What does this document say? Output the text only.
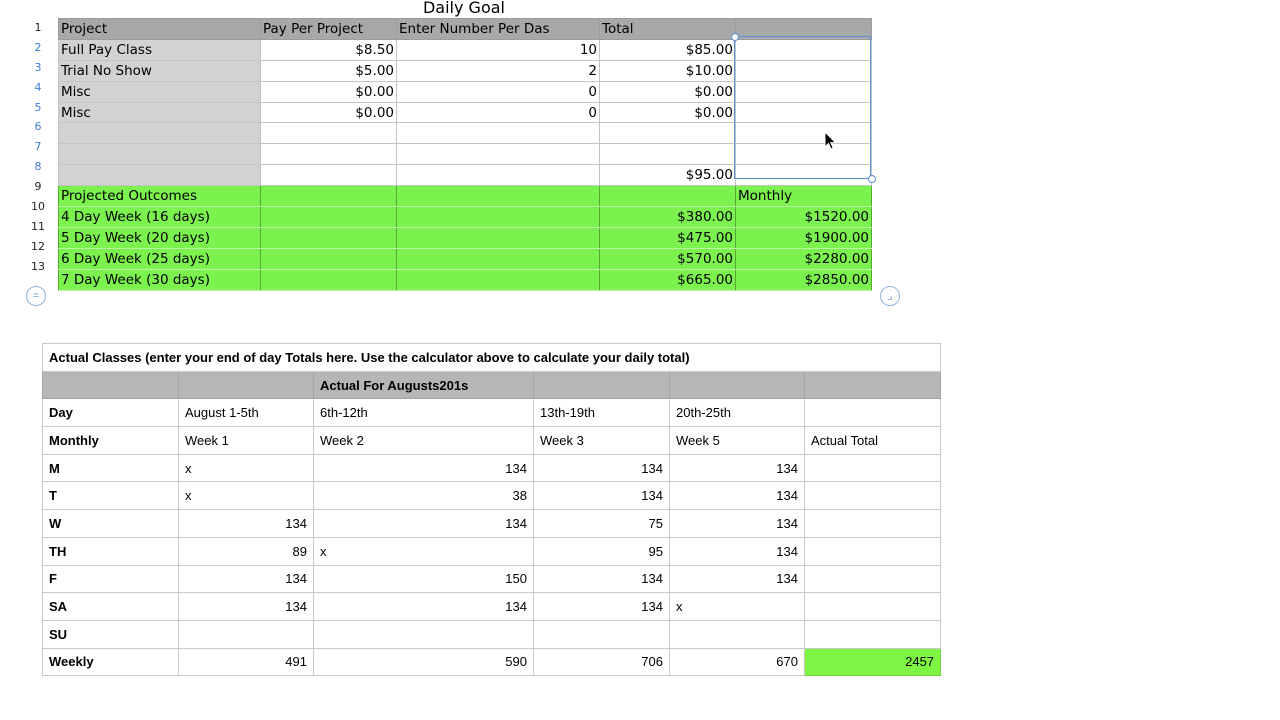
Daily Goal
1
2
3
4
5
6
7
8
9
10
11
12
13
Project	Pay Per Project	Enter Number Per Das	Total	
Full Pay Class	$8.50	10	$85.00	
Trial No Show	$5.00	2	$10.00	
Misc	$0.00	0	$0.00	
Misc	$0.00	0	$0.00	

			$95.00	
Projected Outcomes				Monthly
4 Day Week (16 days)			$380.00	$1520.00
5 Day Week (20 days)			$475.00	$1900.00
6 Day Week (25 days)			$570.00	$2280.00
7 Day Week (30 days)			$665.00	$2850.00
=	⌟
Actual Classes (enter your end of day Totals here. Use the calculator above to calculate your daily total)					
		Actual For Augusts201s			
Day	August 1-5th	6th-12th	13th-19th	20th-25th	
Monthly	Week 1	Week 2	Week 3	Week 5	Actual Total
M	x	134	134	134	
T	x	38	134	134	
W	134	134	75	134	
TH	89	x	95	134	
F	134	150	134	134	
SA	134	134	134	x	
SU					
Weekly	491	590	706	670	2457
